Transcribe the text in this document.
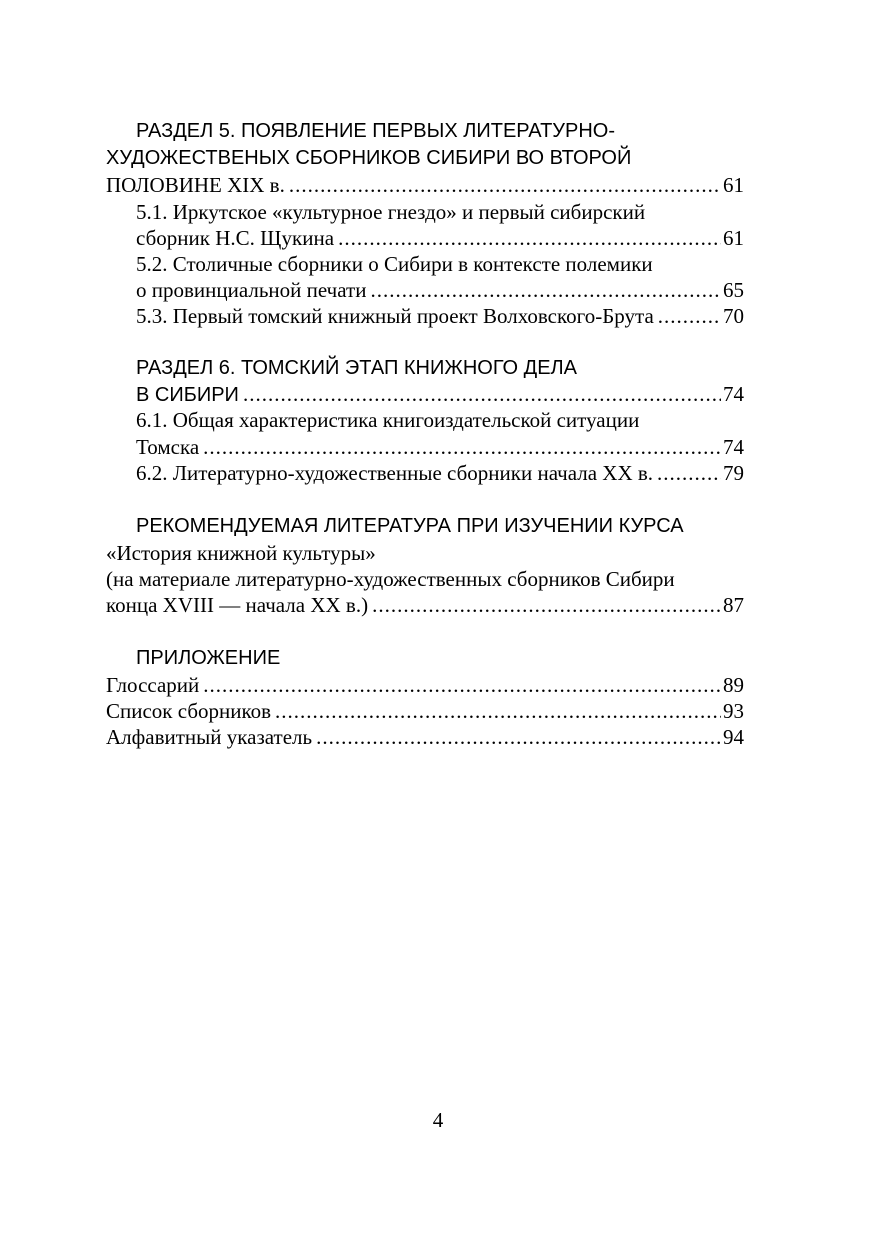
РАЗДЕЛ 5. ПОЯВЛЕНИЕ ПЕРВЫХ ЛИТЕРАТУРНО-
ХУДОЖЕСТВЕНЫХ СБОРНИКОВ СИБИРИ ВО ВТОРОЙ
ПОЛОВИНЕ XIX в. .....	61
5.1. Иркутское «культурное гнездо» и первый сибирский
сборник Н.С. Щукина .....	61
5.2. Столичные сборники о Сибири в контексте полемики
о провинциальной печати .....	65
5.3. Первый томский книжный проект Волховского-Брута .....	70
РАЗДЕЛ 6. ТОМСКИЙ ЭТАП КНИЖНОГО ДЕЛА
В СИБИРИ .....	74
6.1. Общая характеристика книгоиздательской ситуации
Томска .....	74
6.2. Литературно-художественные сборники начала XX в. .....	79
РЕКОМЕНДУЕМАЯ ЛИТЕРАТУРА ПРИ ИЗУЧЕНИИ КУРСА
«История книжной культуры»
(на материале литературно-художественных сборников Сибири
конца XVIII — начала XX в.) .....	87
ПРИЛОЖЕНИЕ
Глоссарий .....	89
Список сборников .....	93
Алфавитный указатель .....	94
4
